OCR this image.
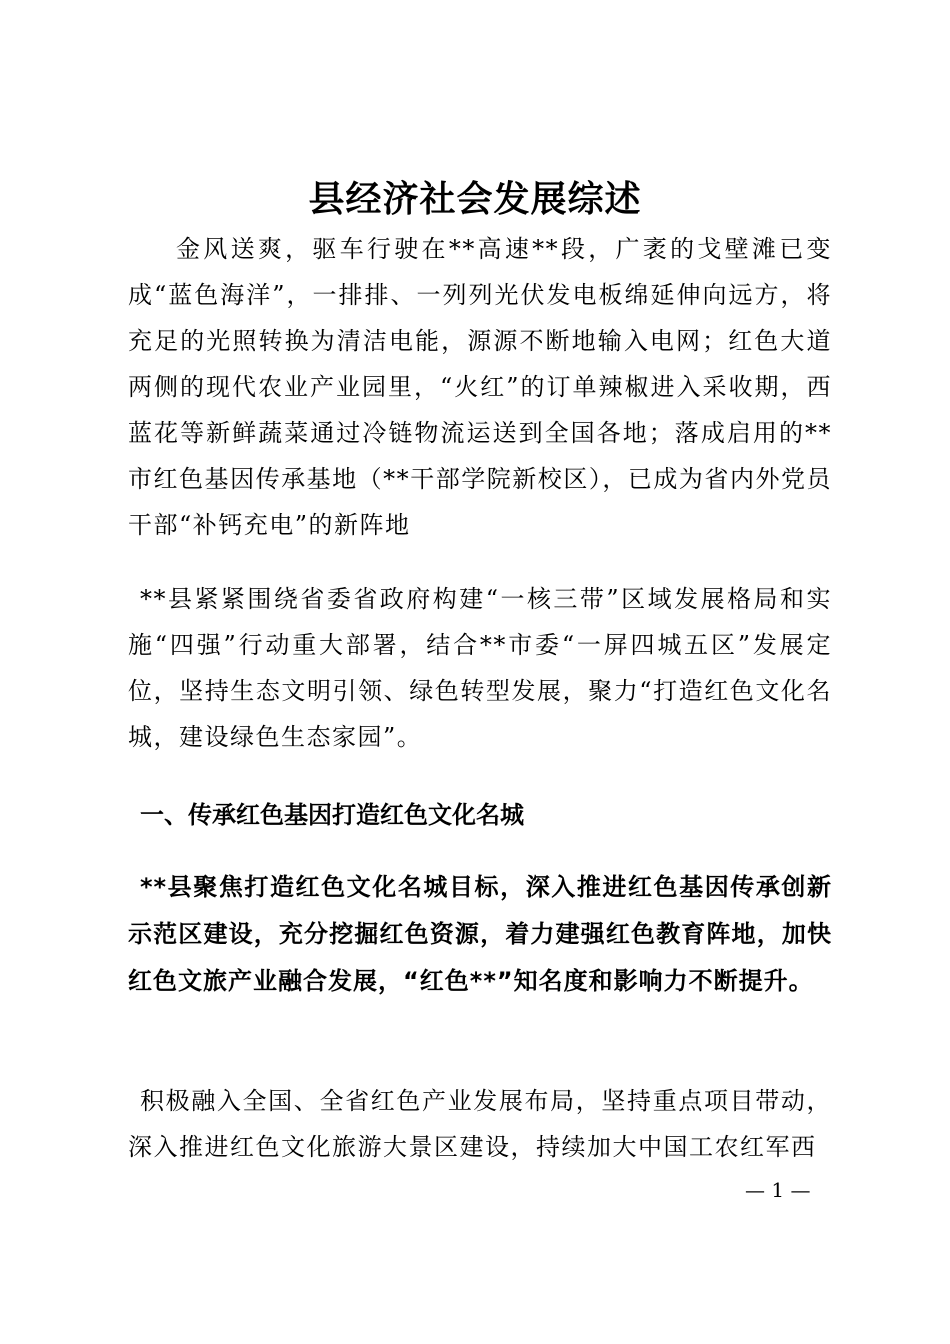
县经济社会发展综述

金风送爽，驱车行驶在**高速**段，广袤的戈壁滩已变成“蓝色海洋”，一排排、一列列光伏发电板绵延伸向远方，将充足的光照转换为清洁电能，源源不断地输入电网；红色大道两侧的现代农业产业园里，“火红”的订单辣椒进入采收期，西蓝花等新鲜蔬菜通过冷链物流运送到全国各地；落成启用的**市红色基因传承基地（**干部学院新校区），已成为省内外党员干部“补钙充电”的新阵地

**县紧紧围绕省委省政府构建“一核三带”区域发展格局和实施“四强”行动重大部署，结合**市委“一屏四城五区”发展定位，坚持生态文明引领、绿色转型发展，聚力“打造红色文化名城，建设绿色生态家园”。

一、传承红色基因打造红色文化名城

**县聚焦打造红色文化名城目标，深入推进红色基因传承创新示范区建设，充分挖掘红色资源，着力建强红色教育阵地，加快红色文旅产业融合发展，“红色**”知名度和影响力不断提升。

积极融入全国、全省红色产业发展布局，坚持重点项目带动，深入推进红色文化旅游大景区建设，持续加大中国工农红军西

— 1 —
